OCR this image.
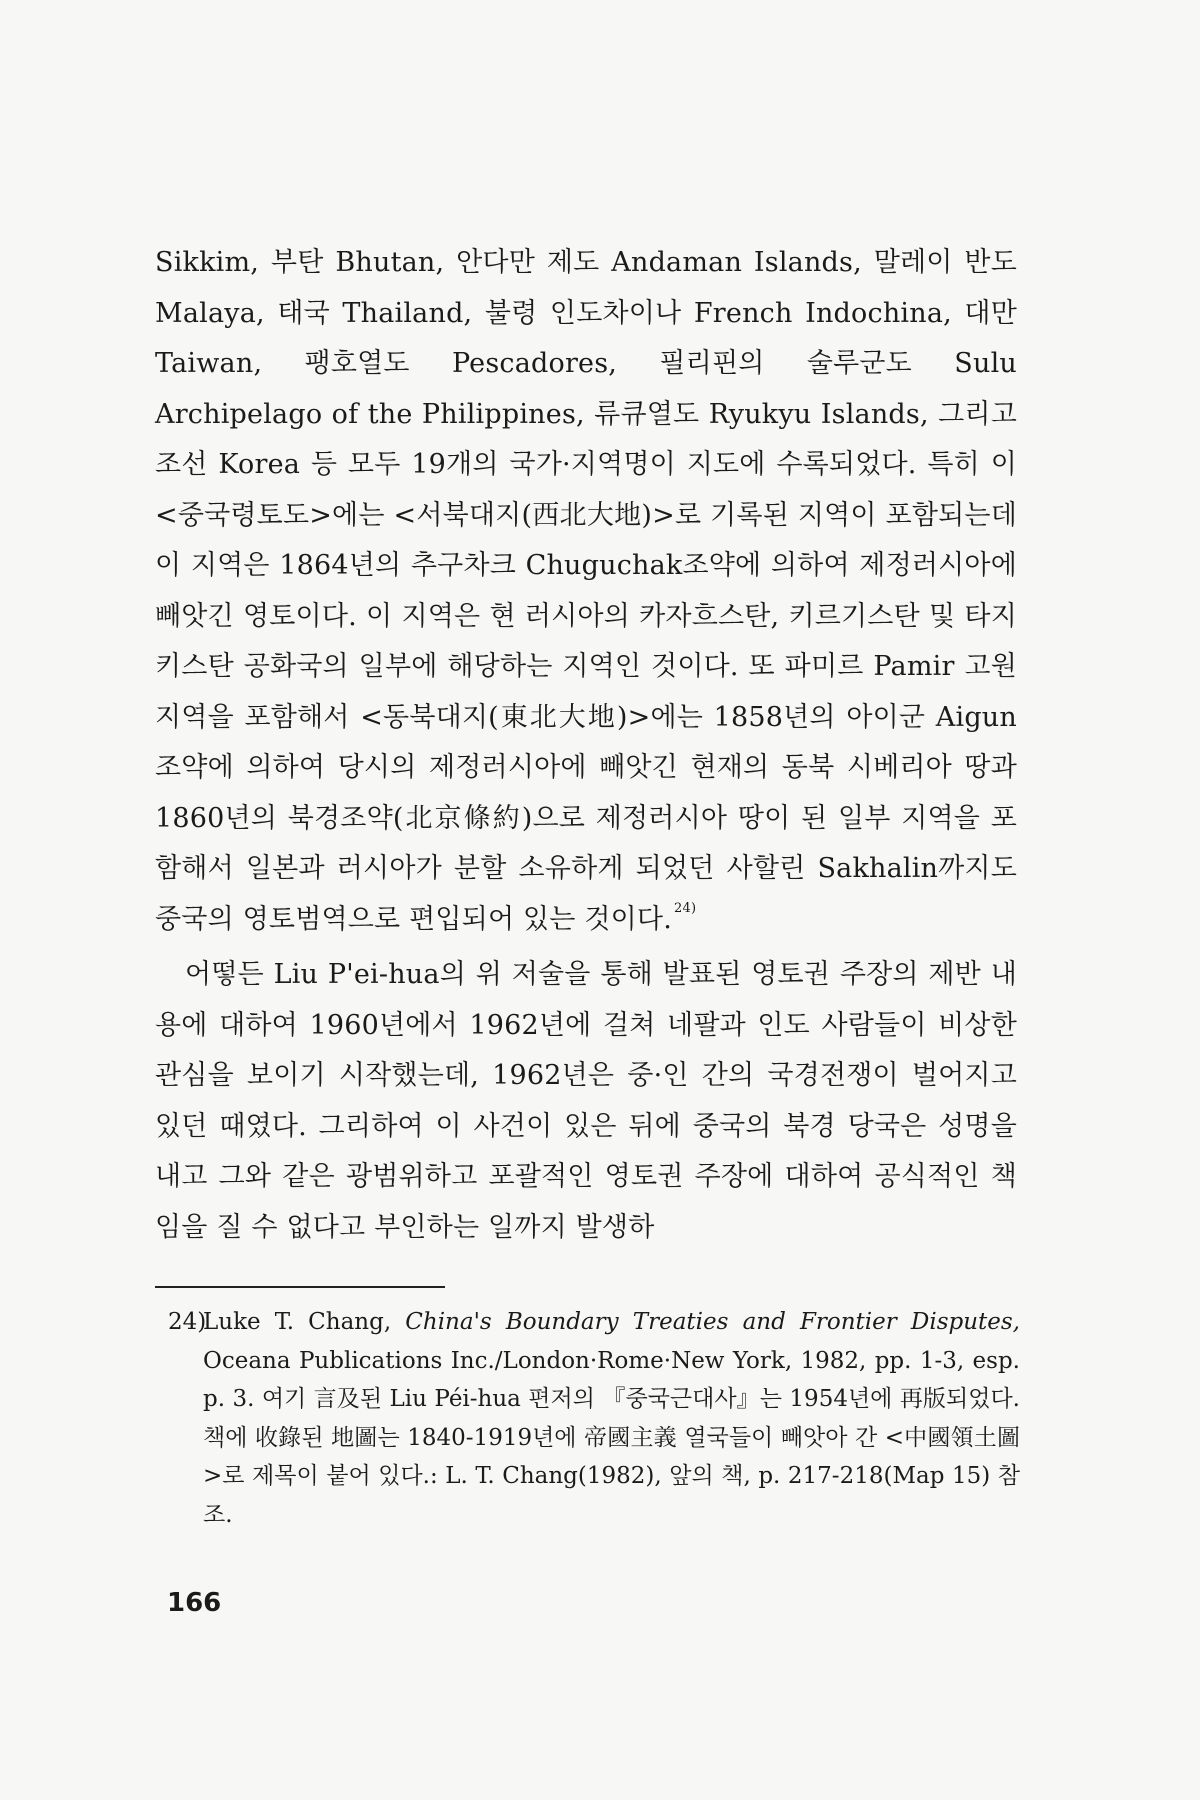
Sikkim, 부탄 Bhutan, 안다만 제도 Andaman Islands, 말레이 반도 Malaya, 태국 Thailand, 불령 인도차이나 French Indochina, 대만 Taiwan, 팽호열도 Pescadores, 필리핀의 술루군도 Sulu Archipelago of the Philippines, 류큐열도 Ryukyu Islands, 그리고 조선 Korea 등 모두 19개의 국가·지역명이 지도에 수록되었다. 특히 이 <중국령토도>에는 <서북대지(西北大地)>로 기록된 지역이 포함되는데 이 지역은 1864년의 추구차크 Chuguchak조약에 의하여 제정러시아에 빼앗긴 영토이다. 이 지역은 현 러시아의 카자흐스탄, 키르기스탄 및 타지키스탄 공화국의 일부에 해당하는 지역인 것이다. 또 파미르 Pamir 고원지역을 포함해서 <동북대지(東北大地)>에는 1858년의 아이군 Aigun조약에 의하여 당시의 제정러시아에 빼앗긴 현재의 동북 시베리아 땅과 1860년의 북경조약(北京條約)으로 제정러시아 땅이 된 일부 지역을 포함해서 일본과 러시아가 분할 소유하게 되었던 사할린 Sakhalin까지도 중국의 영토범역으로 편입되어 있는 것이다. $^{24)}$

어떻든 Liu P'ei-hua의 위 저술을 통해 발표된 영토권 주장의 제반 내용에 대하여 1960년에서 1962년에 걸쳐 네팔과 인도 사람들이 비상한 관심을 보이기 시작했는데, 1962년은 중·인 간의 국경전쟁이 벌어지고 있던 때였다. 그리하여 이 사건이 있은 뒤에 중국의 북경 당국은 성명을 내고 그와 같은 광범위하고 포괄적인 영토권 주장에 대하여 공식적인 책임을 질 수 없다고 부인하는 일까지 발생하

24)

Luke T. Chang, China's Boundary Treaties and Frontier Disputes, Oceana Publications Inc./London·Rome·New York, 1982, pp. 1-3, esp. p. 3. 여기 言及된 Liu Péi-hua 편저의 『중국근대사』는 1954년에 再版되었다. 책에 收錄된 地圖는 1840-1919년에 帝國主義 열국들이 빼앗아 간 <中國領土圖>로 제목이 붙어 있다.: L. T. Chang(1982), 앞의 책, p. 217-218(Map 15) 참조.

166
